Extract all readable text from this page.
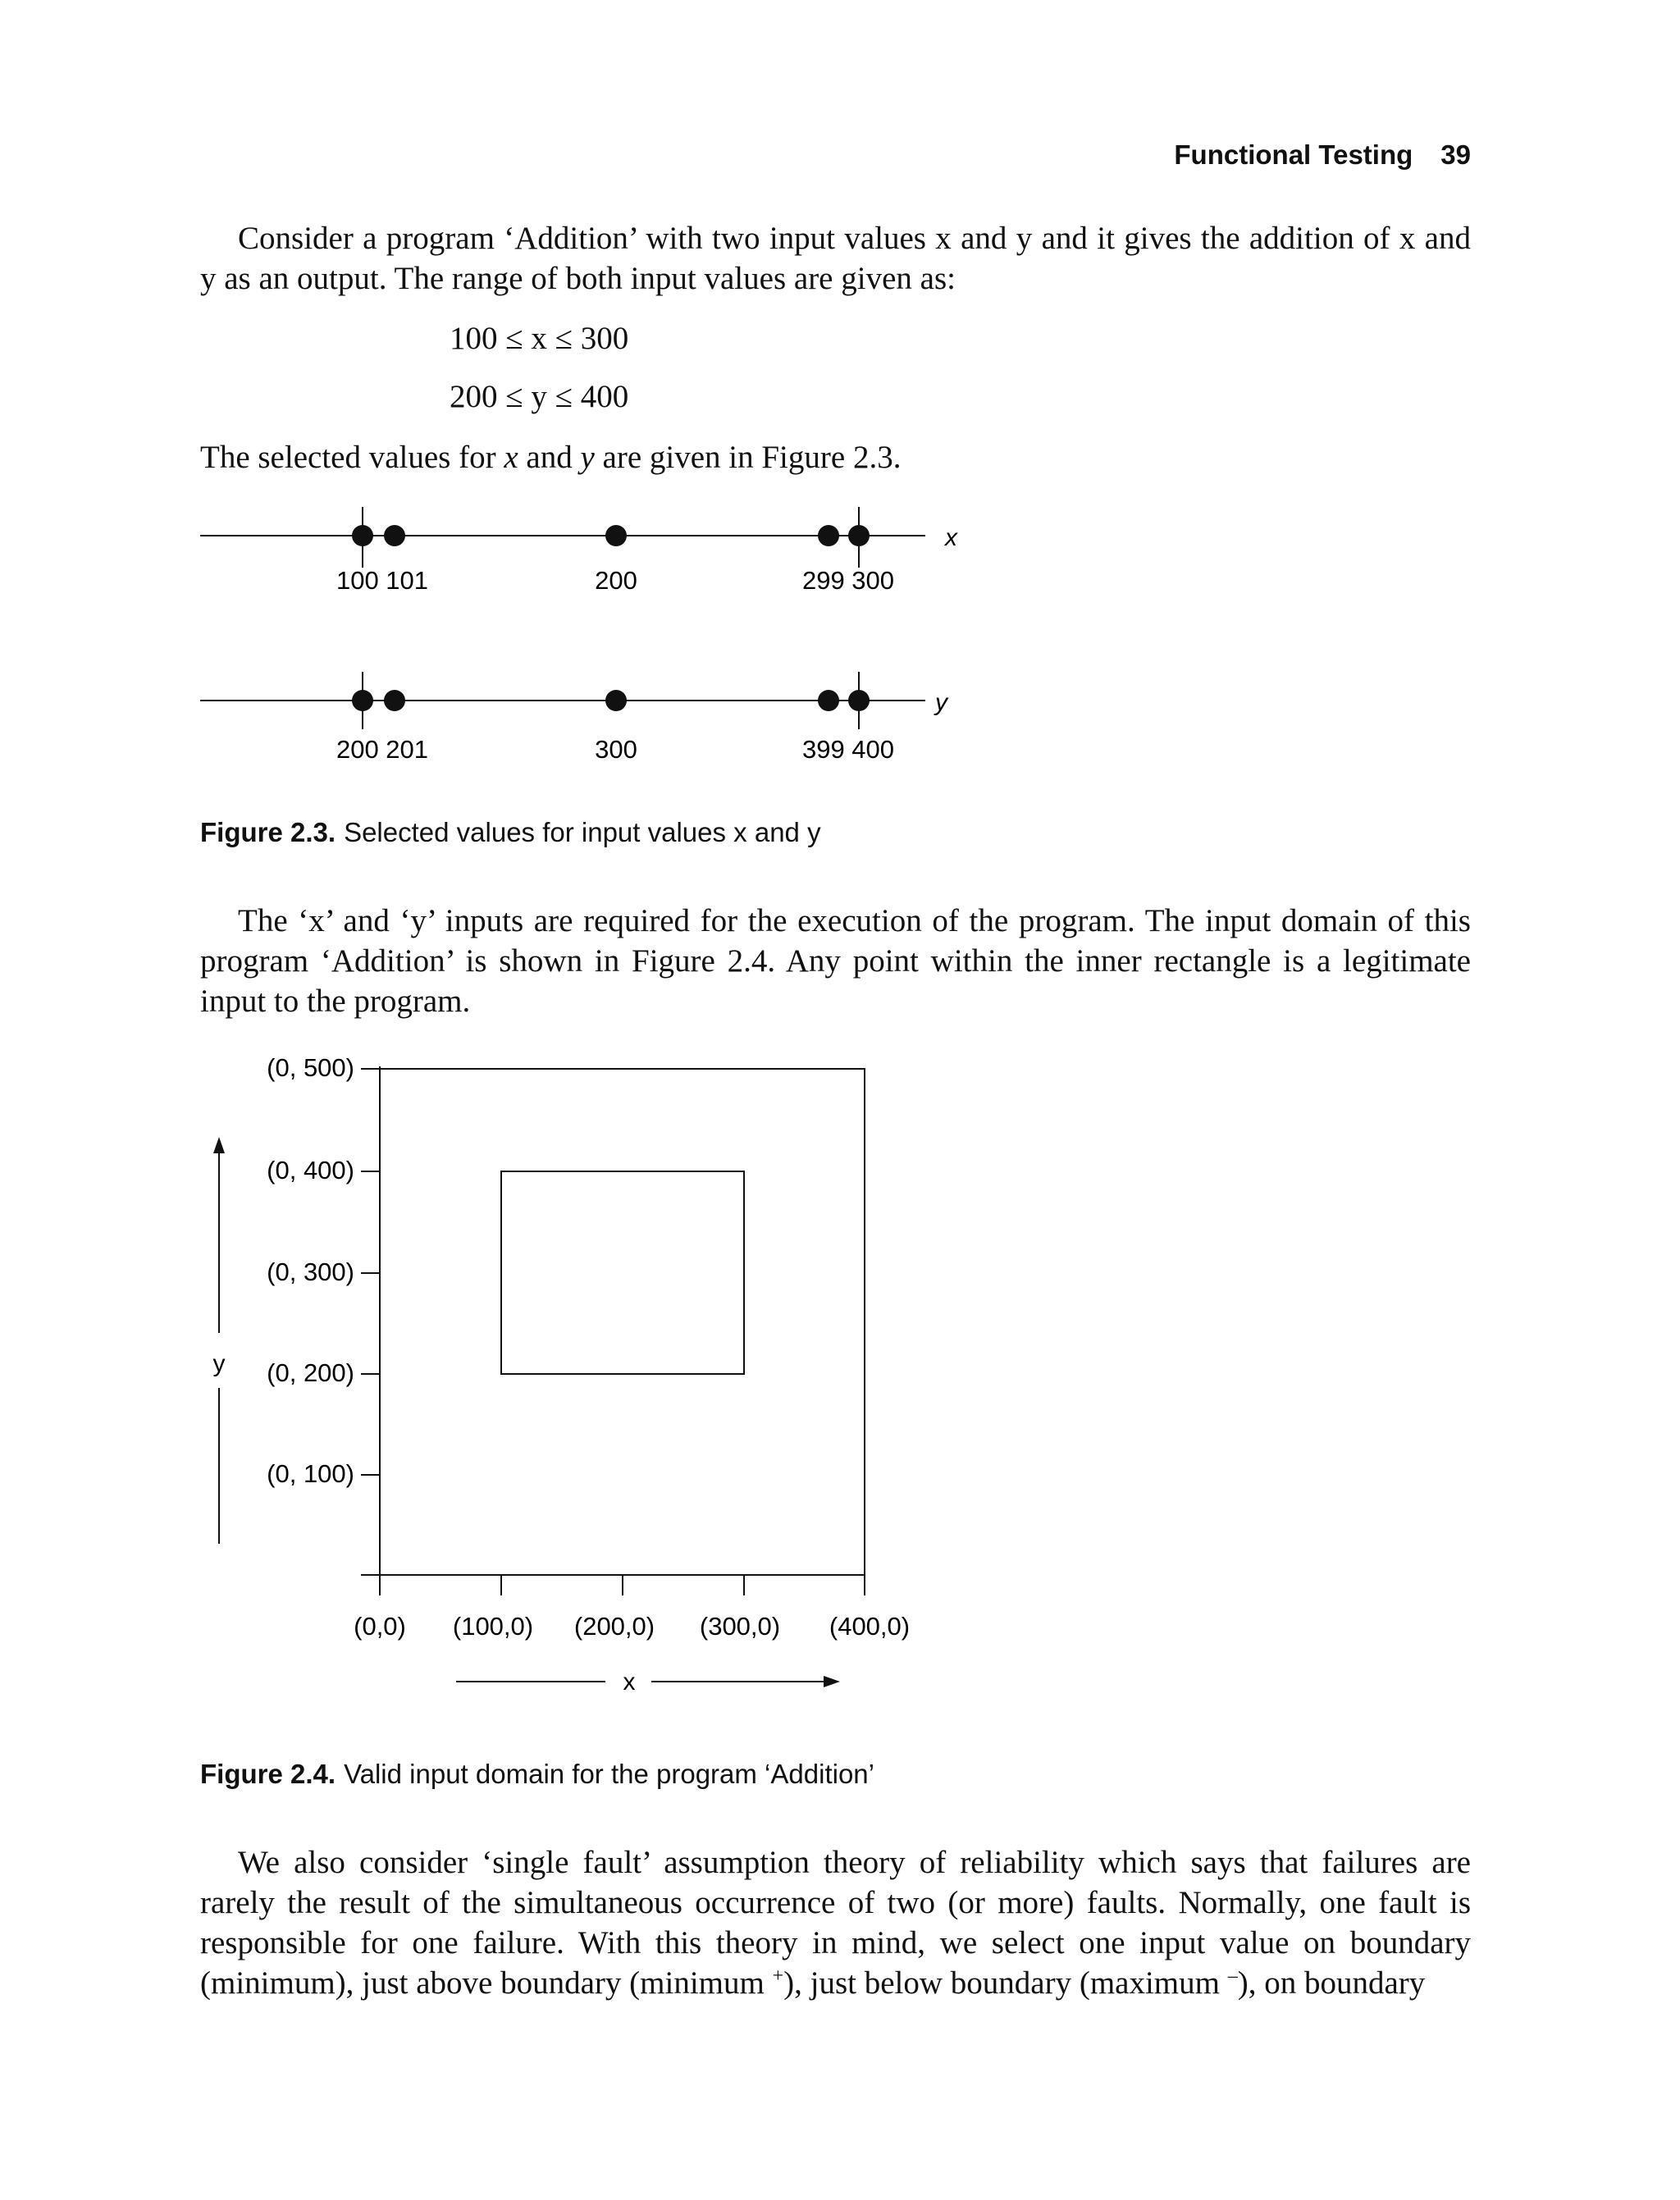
Functional Testing 39
Consider a program ‘Addition’ with two input values x and y and it gives the addition of x and y as an output. The range of both input values are given as:
100 ≤ x ≤ 300
200 ≤ y ≤ 400
The selected values for x and y are given in Figure 2.3.
x
100 101	200	299 300
y
200 201	300	399 400
(0, 500)
(0, 400)
(0, 300)
(0, 200)
(0, 100)
(0,0) (100,0) (200,0) (300,0) (400,0)
x
y
Figure 2.3. Selected values for input values x and y
The ‘x’ and ‘y’ inputs are required for the execution of the program. The input domain of this program ‘Addition’ is shown in Figure 2.4. Any point within the inner rectangle is a legitimate input to the program.
Figure 2.4. Valid input domain for the program ‘Addition’
We also consider ‘single fault’ assumption theory of reliability which says that failures are rarely the result of the simultaneous occurrence of two (or more) faults. Normally, one fault is responsible for one failure. With this theory in mind, we select one input value on boundary (minimum), just above boundary (minimum +), just below boundary (maximum –), on boundary
